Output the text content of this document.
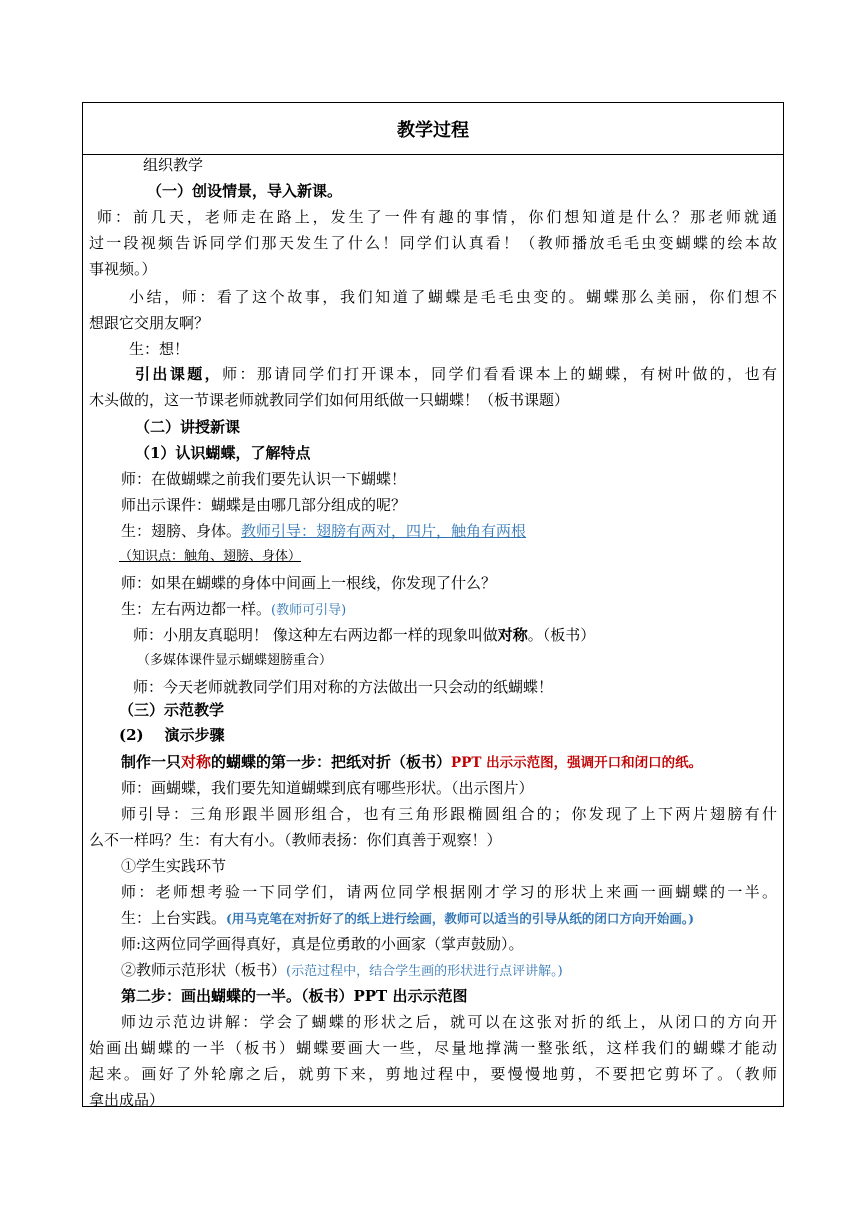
教学过程
组织教学
（一）创设情景，导入新课。
师：前几天，老师走在路上，发生了一件有趣的事情，你们想知道是什么？那老师就通
过一段视频告诉同学们那天发生了什么！同学们认真看！（教师播放毛毛虫变蝴蝶的绘本故
事视频。）
小结，师：看了这个故事，我们知道了蝴蝶是毛毛虫变的。蝴蝶那么美丽，你们想不
想跟它交朋友啊？
生：想！
引出课题，师：那请同学们打开课本，同学们看看课本上的蝴蝶，有树叶做的，也有
木头做的，这一节课老师就教同学们如何用纸做一只蝴蝶！（板书课题）
（二）讲授新课
（1）认识蝴蝶，了解特点
师：在做蝴蝶之前我们要先认识一下蝴蝶！
师出示课件：蝴蝶是由哪几部分组成的呢？
生：翅膀、身体。教师引导：翅膀有两对，四片，触角有两根
（知识点：触角、翅膀、身体）
师：如果在蝴蝶的身体中间画上一根线，你发现了什么？
生：左右两边都一样。(教师可引导)
师：小朋友真聪明！ 像这种左右两边都一样的现象叫做对称。（板书）
（多媒体课件显示蝴蝶翅膀重合）
师：今天老师就教同学们用对称的方法做出一只会动的纸蝴蝶！
（三）示范教学
(2)    演示步骤
制作一只对称的蝴蝶的第一步：把纸对折（板书）PPT 出示示范图，强调开口和闭口的纸。
师：画蝴蝶，我们要先知道蝴蝶到底有哪些形状。（出示图片）
师引导：三角形跟半圆形组合，也有三角形跟椭圆组合的；你发现了上下两片翅膀有什
么不一样吗？生：有大有小。（教师表扬：你们真善于观察！）
①学生实践环节
师：老师想考验一下同学们，请两位同学根据刚才学习的形状上来画一画蝴蝶的一半。
生：上台实践。(用马克笔在对折好了的纸上进行绘画，教师可以适当的引导从纸的闭口方向开始画。)
师:这两位同学画得真好，真是位勇敢的小画家（掌声鼓励）。
②教师示范形状（板书）(示范过程中，结合学生画的形状进行点评讲解。)
第二步：画出蝴蝶的一半。（板书）PPT 出示示范图
师边示范边讲解：学会了蝴蝶的形状之后，就可以在这张对折的纸上，从闭口的方向开
始画出蝴蝶的一半（板书）蝴蝶要画大一些，尽量地撑满一整张纸，这样我们的蝴蝶才能动
起来。画好了外轮廓之后，就剪下来，剪地过程中，要慢慢地剪，不要把它剪坏了。（教师
拿出成品）
